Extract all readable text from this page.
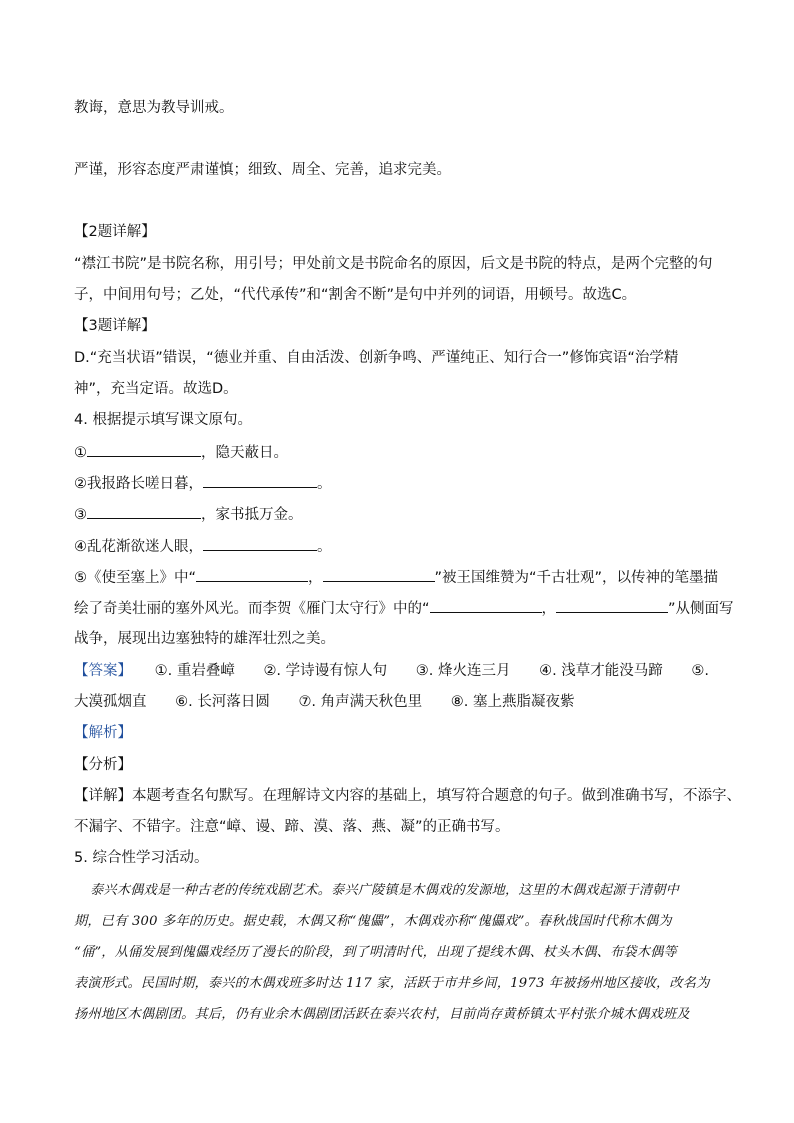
教诲，意思为教导训戒。
严谨，形容态度严肃谨慎；细致、周全、完善，追求完美。
【2题详解】
“襟江书院”是书院名称，用引号；甲处前文是书院命名的原因，后文是书院的特点，是两个完整的句
子，中间用句号；乙处，“代代承传”和“割舍不断”是句中并列的词语，用顿号。故选C。
【3题详解】
D.“充当状语”错误，“德业并重、自由活泼、创新争鸣、严谨纯正、知行合一”修饰宾语“治学精
神”，充当定语。故选D。
4. 根据提示填写课文原句。
①	，隐天蔽日。
②我报路长嗟日暮，	。
③	，家书抵万金。
④乱花渐欲迷人眼，	。
⑤《使至塞上》中“	，	”被王国维赞为“千古壮观”，以传神的笔墨描
绘了奇美壮丽的塞外风光。而李贺《雁门太守行》中的“	，	”从侧面写
战争，展现出边塞独特的雄浑壮烈之美。
【答案】 ①. 重岩叠嶂 ②. 学诗谩有惊人句 ③. 烽火连三月 ④. 浅草才能没马蹄 ⑤.
大漠孤烟直 ⑥. 长河落日圆 ⑦. 角声满天秋色里 ⑧. 塞上燕脂凝夜紫
【解析】
【分析】
【详解】本题考查名句默写。在理解诗文内容的基础上，填写符合题意的句子。做到准确书写，不添字、
不漏字、不错字。注意“嶂、谩、蹄、漠、落、燕、凝”的正确书写。
5. 综合性学习活动。
泰兴木偶戏是一种古老的传统戏剧艺术。泰兴广陵镇是木偶戏的发源地，这里的木偶戏起源于清朝中
期，已有 300 多年的历史。据史载，木偶又称“傀儡”，木偶戏亦称“傀儡戏”。春秋战国时代称木偶为
“俑”，从俑发展到傀儡戏经历了漫长的阶段，到了明清时代，出现了提线木偶、杖头木偶、布袋木偶等
表演形式。民国时期，泰兴的木偶戏班多时达 117 家，活跃于市井乡间，1973 年被扬州地区接收，改名为
扬州地区木偶剧团。其后，仍有业余木偶剧团活跃在泰兴农村，目前尚存黄桥镇太平村张介城木偶戏班及
